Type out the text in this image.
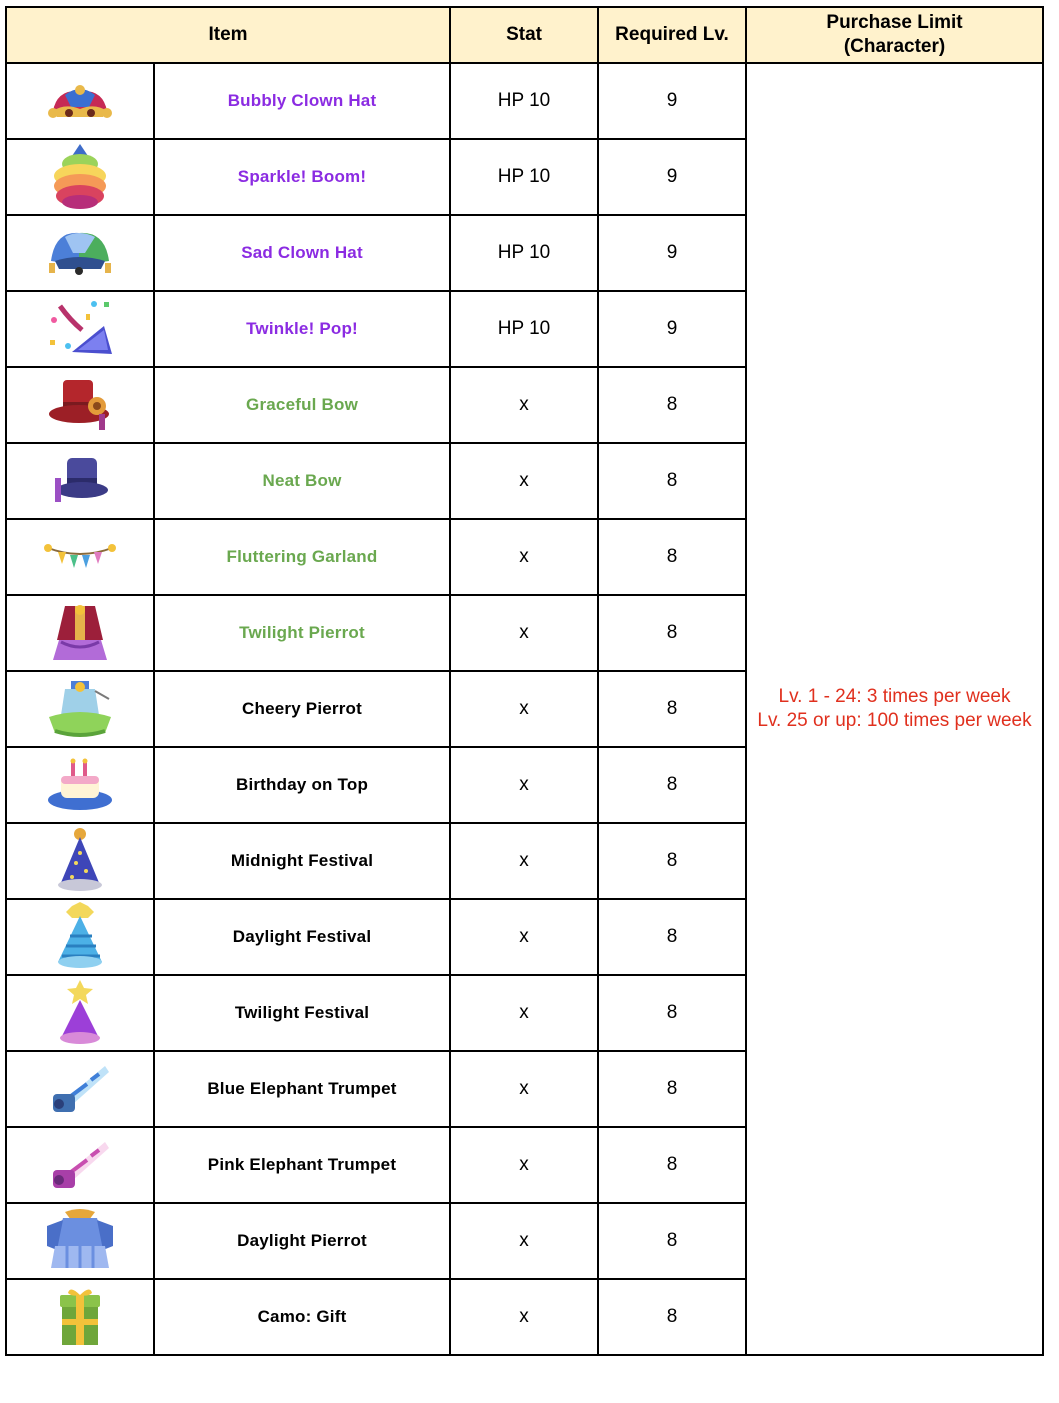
Item		Stat	Required Lv.	Purchase Limit
(Character)

	Bubbly Clown Hat	HP 10	9	Lv. 1 - 24: 3 times per week
Lv. 25 or up: 100 times per week

	Sparkle! Boom!	HP 10	9	

	Sad Clown Hat	HP 10	9	

	Twinkle! Pop!	HP 10	9	

	Graceful Bow	x	8	

	Neat Bow	x	8	

	Fluttering Garland	x	8	

	Twilight Pierrot	x	8	

	Cheery Pierrot	x	8	

	Birthday on Top	x	8	

	Midnight Festival	x	8	

	Daylight Festival	x	8	

	Twilight Festival	x	8	

	Blue Elephant Trumpet	x	8	

	Pink Elephant Trumpet	x	8	

	Daylight Pierrot	x	8	

	Camo: Gift	x	8	
